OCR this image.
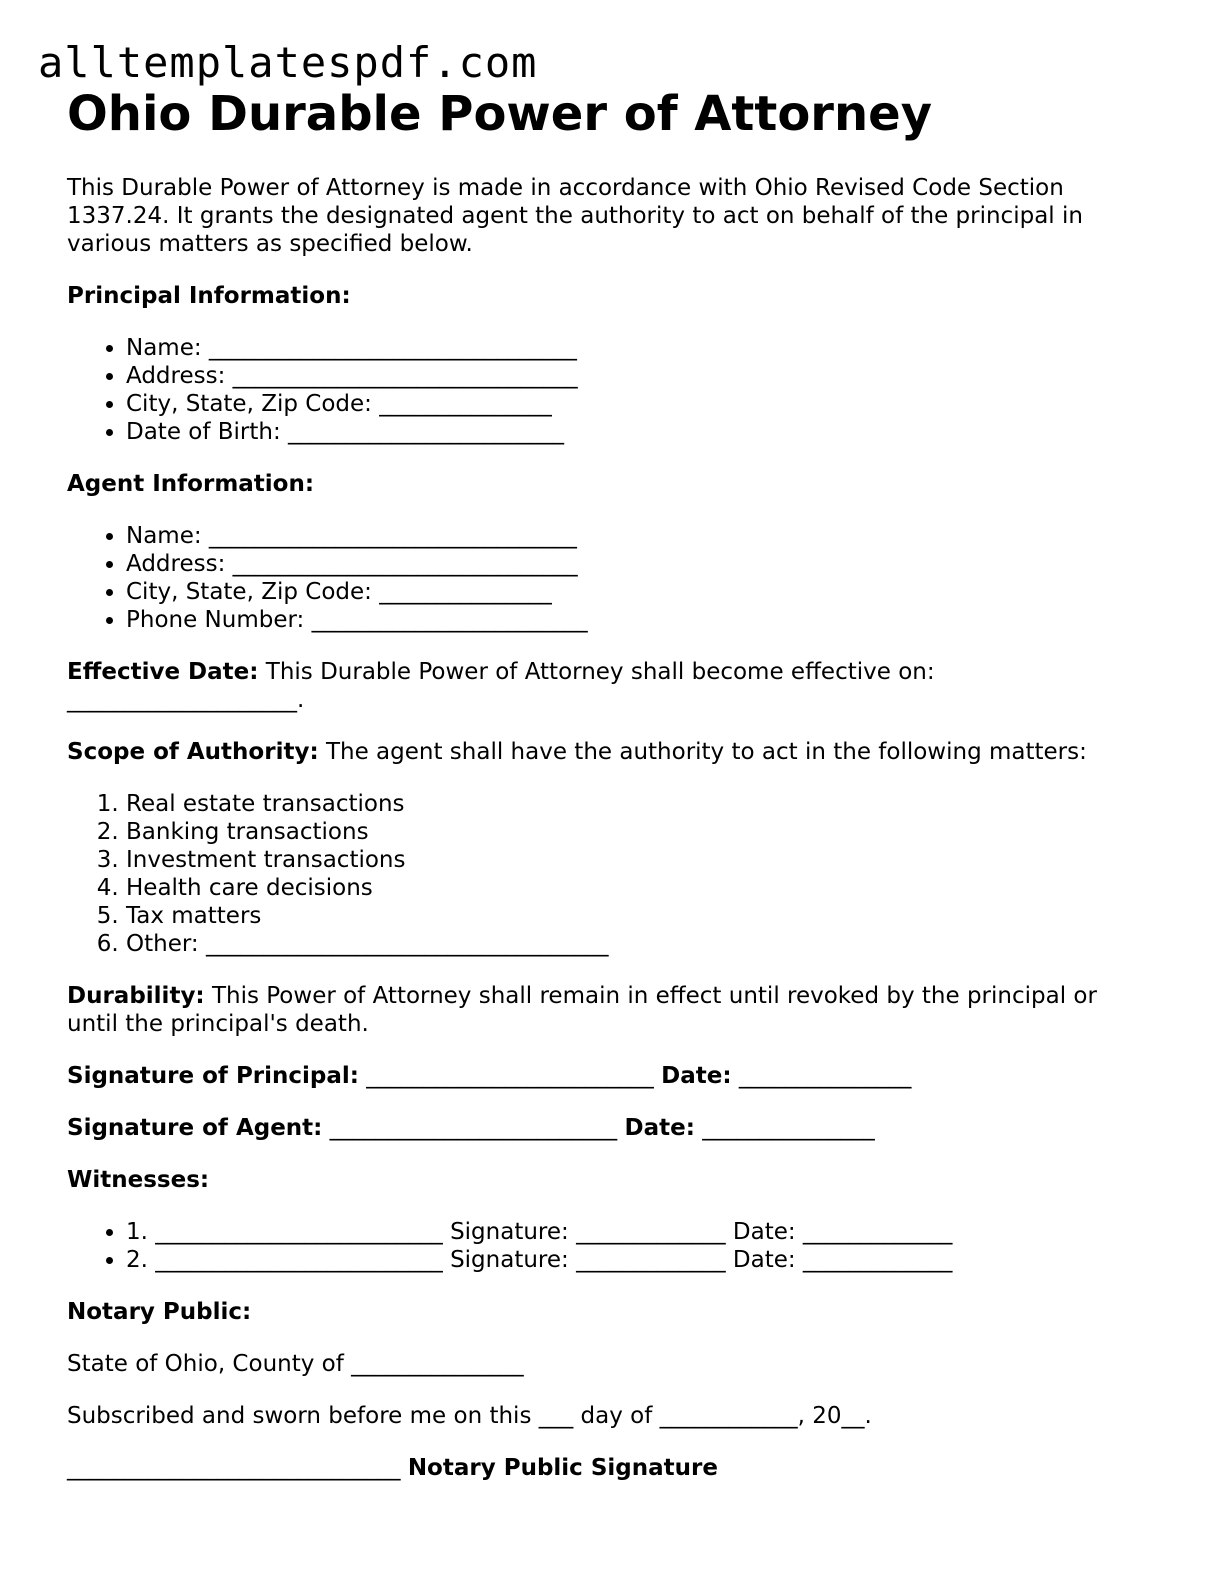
alltemplatespdf.com
Ohio Durable Power of Attorney

This Durable Power of Attorney is made in accordance with Ohio Revised Code Section 1337.24. It grants the designated agent the authority to act on behalf of the principal in various matters as specified below.

Principal Information:

• Name: ________________________________
• Address: ______________________________
• City, State, Zip Code: _______________
• Date of Birth: ________________________

Agent Information:

• Name: ________________________________
• Address: ______________________________
• City, State, Zip Code: _______________
• Phone Number: ________________________

Effective Date: This Durable Power of Attorney shall become effective on: ____________________.

Scope of Authority: The agent shall have the authority to act in the following matters:

1. Real estate transactions
2. Banking transactions
3. Investment transactions
4. Health care decisions
5. Tax matters
6. Other: ___________________________________

Durability: This Power of Attorney shall remain in effect until revoked by the principal or until the principal's death.

Signature of Principal: _________________________ Date: _______________

Signature of Agent: _________________________ Date: _______________

Witnesses:

• 1. _________________________ Signature: _____________ Date: _____________
• 2. _________________________ Signature: _____________ Date: _____________

Notary Public:

State of Ohio, County of _______________

Subscribed and sworn before me on this ___ day of ____________, 20__.

_____________________________ Notary Public Signature
